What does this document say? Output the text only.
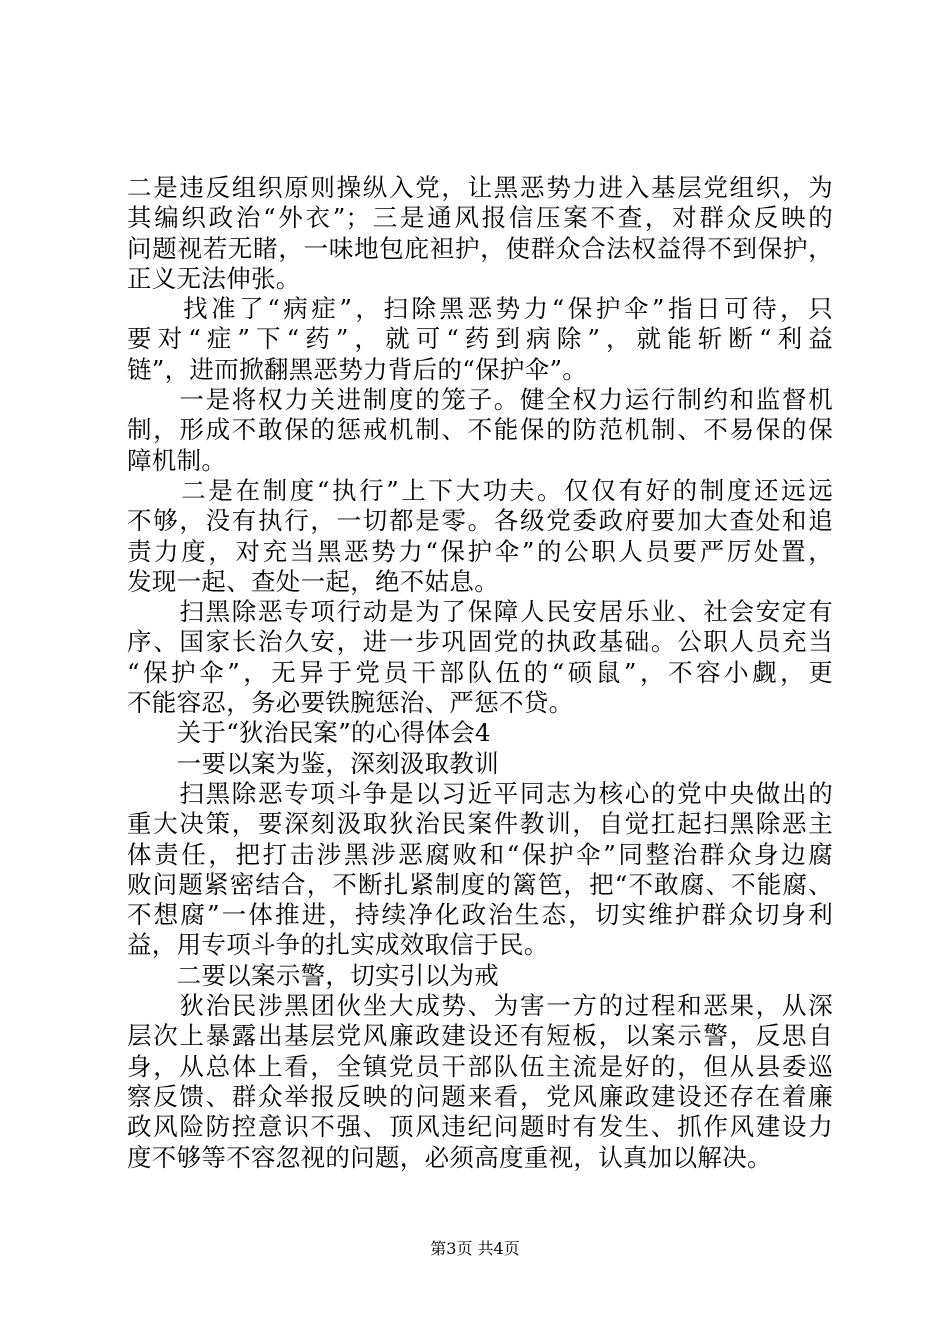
二是违反组织原则操纵入党，让黑恶势力进入基层党组织，为
其编织政治“外衣”；三是通风报信压案不查，对群众反映的
问题视若无睹，一味地包庇袒护，使群众合法权益得不到保护，
正义无法伸张。
　　找准了“病症”，扫除黑恶势力“保护伞”指日可待，只
要对“症”下“药”，就可“药到病除”，就能斩断“利益
链”，进而掀翻黑恶势力背后的“保护伞”。
　　一是将权力关进制度的笼子。健全权力运行制约和监督机
制，形成不敢保的惩戒机制、不能保的防范机制、不易保的保
障机制。
　　二是在制度“执行”上下大功夫。仅仅有好的制度还远远
不够，没有执行，一切都是零。各级党委政府要加大查处和追
责力度，对充当黑恶势力“保护伞”的公职人员要严厉处置，
发现一起、查处一起，绝不姑息。
　　扫黑除恶专项行动是为了保障人民安居乐业、社会安定有
序、国家长治久安，进一步巩固党的执政基础。公职人员充当
“保护伞”，无异于党员干部队伍的“硕鼠”，不容小觑，更
不能容忍，务必要铁腕惩治、严惩不贷。
　　关于“狄治民案”的心得体会4
　　一要以案为鉴，深刻汲取教训
　　扫黑除恶专项斗争是以习近平同志为核心的党中央做出的
重大决策，要深刻汲取狄治民案件教训，自觉扛起扫黑除恶主
体责任，把打击涉黑涉恶腐败和“保护伞”同整治群众身边腐
败问题紧密结合，不断扎紧制度的篱笆，把“不敢腐、不能腐、
不想腐”一体推进，持续净化政治生态，切实维护群众切身利
益，用专项斗争的扎实成效取信于民。
　　二要以案示警，切实引以为戒
　　狄治民涉黑团伙坐大成势、为害一方的过程和恶果，从深
层次上暴露出基层党风廉政建设还有短板，以案示警，反思自
身，从总体上看，全镇党员干部队伍主流是好的，但从县委巡
察反馈、群众举报反映的问题来看，党风廉政建设还存在着廉
政风险防控意识不强、顶风违纪问题时有发生、抓作风建设力
度不够等不容忽视的问题，必须高度重视，认真加以解决。
第3页 共4页
